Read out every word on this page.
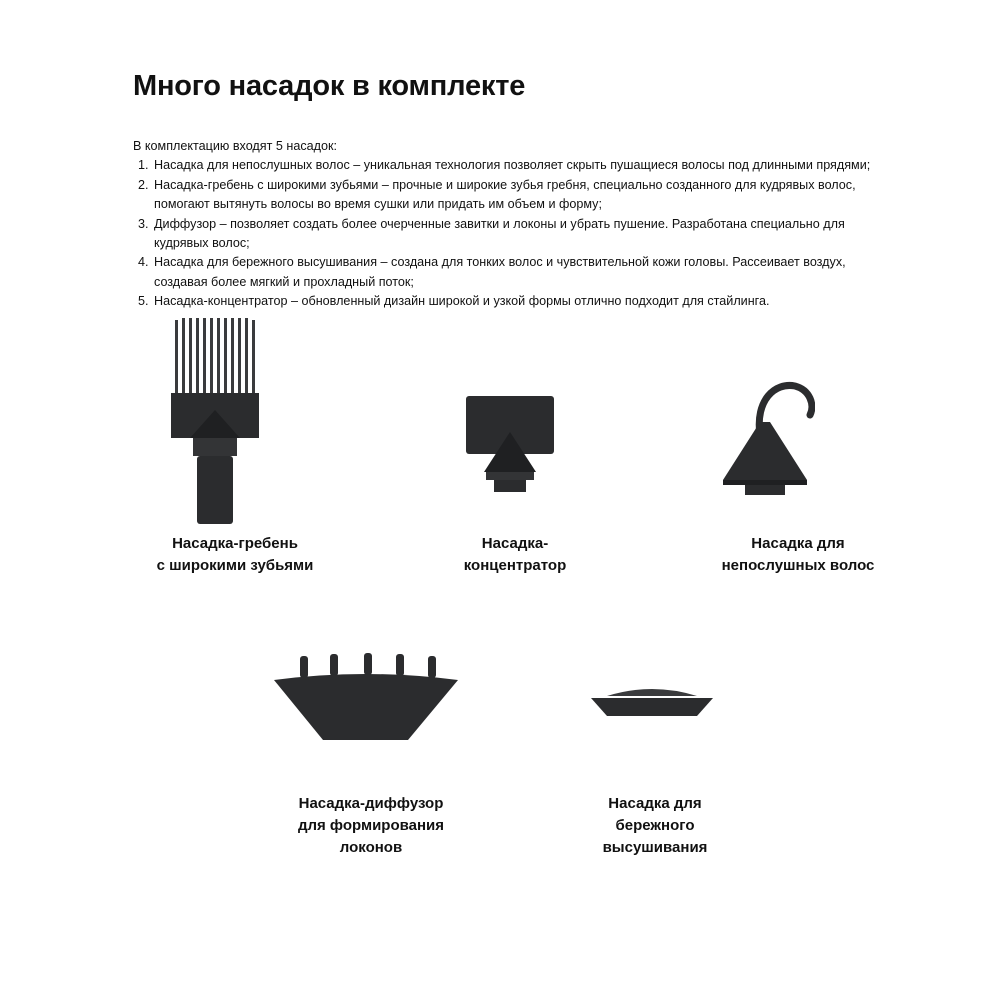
Много насадок в комплекте
В комплектацию входят 5 насадок:
1. Насадка для непослушных волос – уникальная технология позволяет скрыть пушащиеся волосы под длинными прядями;
2. Насадка-гребень с широкими зубьями – прочные и широкие зубья гребня, специально созданного для кудрявых волос, помогают вытянуть волосы во время сушки или придать им объем и форму;
3. Диффузор – позволяет создать более очерченные завитки и локоны и убрать пушение. Разработана специально для кудрявых волос;
4. Насадка для бережного высушивания – создана для тонких волос и чувствительной кожи головы. Рассеивает воздух, создавая более мягкий и прохладный поток;
5. Насадка-концентратор – обновленный дизайн широкой и узкой формы отлично подходит для стайлинга.
Насадка-гребень
с широкими зубьями
Насадка-
концентратор
Насадка для
непослушных волос
Насадка-диффузор
для формирования
локонов
Насадка для
бережного
высушивания
